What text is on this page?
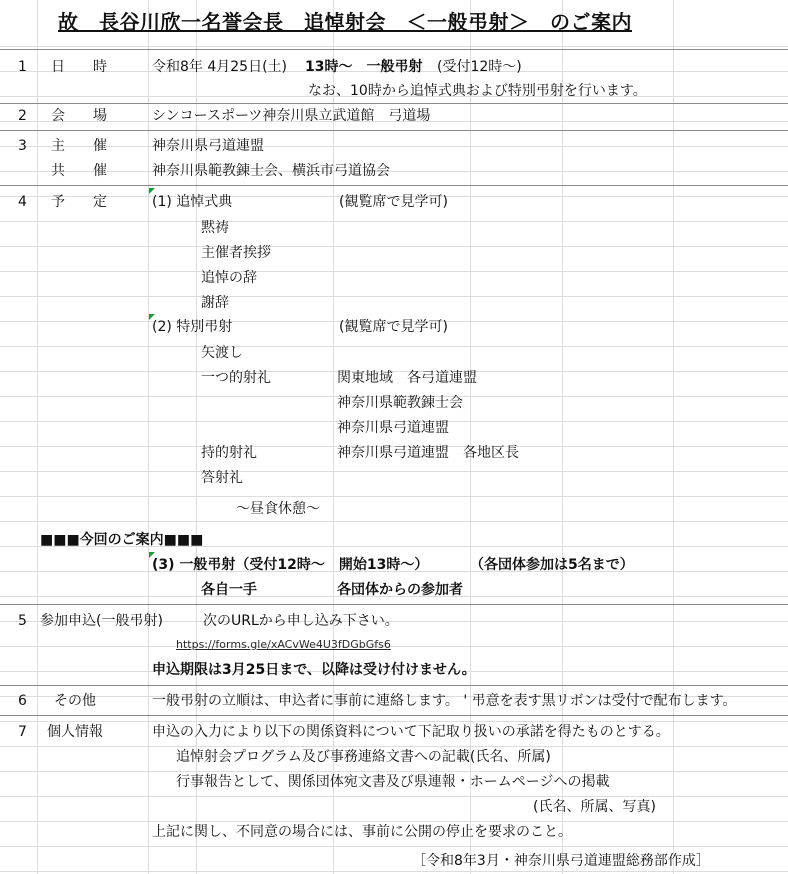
故　長谷川欣一名誉会長　追悼射会　＜一般弔射＞　のご案内
1 日　　時	令和8年 4月25日(土) 13時～　一般弔射 (受付12時～)
なお、10時から追悼式典および特別弔射を行います。
2 会　　場	シンコースポーツ神奈川県立武道館　弓道場
3 主　　催	神奈川県弓道連盟
共　　催	神奈川県範教錬士会、横浜市弓道協会
4 予　　定	(1) 追悼式典	(観覧席で見学可)
黙祷
主催者挨拶
追悼の辞
謝辞
(2) 特別弔射	(観覧席で見学可)
矢渡し
一つ的射礼	関東地域　各弓道連盟
神奈川県範教錬士会
神奈川県弓道連盟
持的射礼	神奈川県弓道連盟　各地区長
答射礼
～昼食休憩～
■■■今回のご案内■■■
(3) 一般弔射（受付12時～　開始13時～）	（各団体参加は5名まで）
各自一手	各団体からの参加者
5 参加申込(一般弔射)	次のURLから申し込み下さい。
https://forms.gle/xACvWe4U3fDGbGfs6
申込期限は3月25日まで、以降は受け付けません。
6 その他	一般弔射の立順は、申込者に事前に連絡します。 ' 弔意を表す黒リボンは受付で配布します。
7 個人情報	申込の入力により以下の関係資料について下記取り扱いの承諾を得たものとする。
追悼射会プログラム及び事務連絡文書への記載(氏名、所属)
行事報告として、関係団体宛文書及び県連報・ホームページへの掲載
(氏名、所属、写真)
上記に関し、不同意の場合には、事前に公開の停止を要求のこと。
［令和8年3月・神奈川県弓道連盟総務部作成］
